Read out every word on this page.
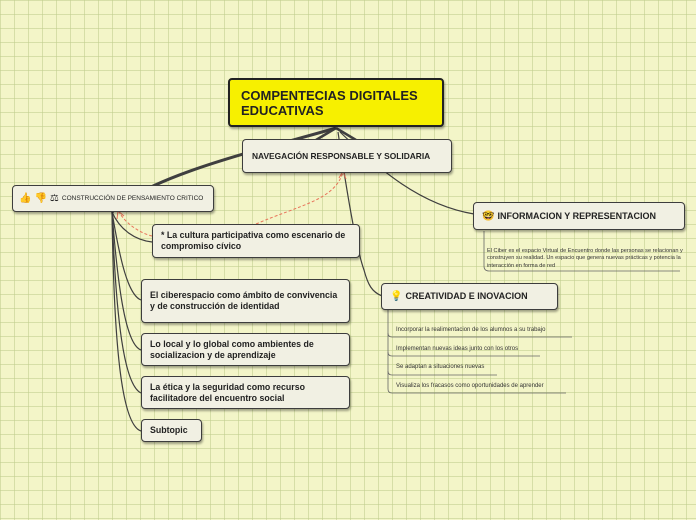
COMPENTECIAS DIGITALES EDUCATIVAS
NAVEGACIÓN RESPONSABLE Y SOLIDARIA
👍 👎 ⚖ CONSTRUCCIÓN DE PENSAMIENTO CRITICO
🤓 INFORMACION Y REPRESENTACION
El Ciber es el espacio Virtual de Encuentro donde las personas se relacionan y construyen su realidad. Un espacio que genera nuevas prácticas y potencia la interacción en forma de red
💡 CREATIVIDAD E INOVACION
Incorporar la realimentacion de los alumnos a su trabajo
Implementan nuevas ideas junto con los otros
Se adaptan a situaciones nuevas
Visualiza los fracasos como oportunidades de aprender
* La cultura participativa como escenario de compromiso cívico
El ciberespacio como ámbito de convivencia y de construcción de identidad
Lo local y lo global como ambientes de socializacion y de aprendizaje
La ética y la seguridad como recurso facilitadore del encuentro social
Subtopic
